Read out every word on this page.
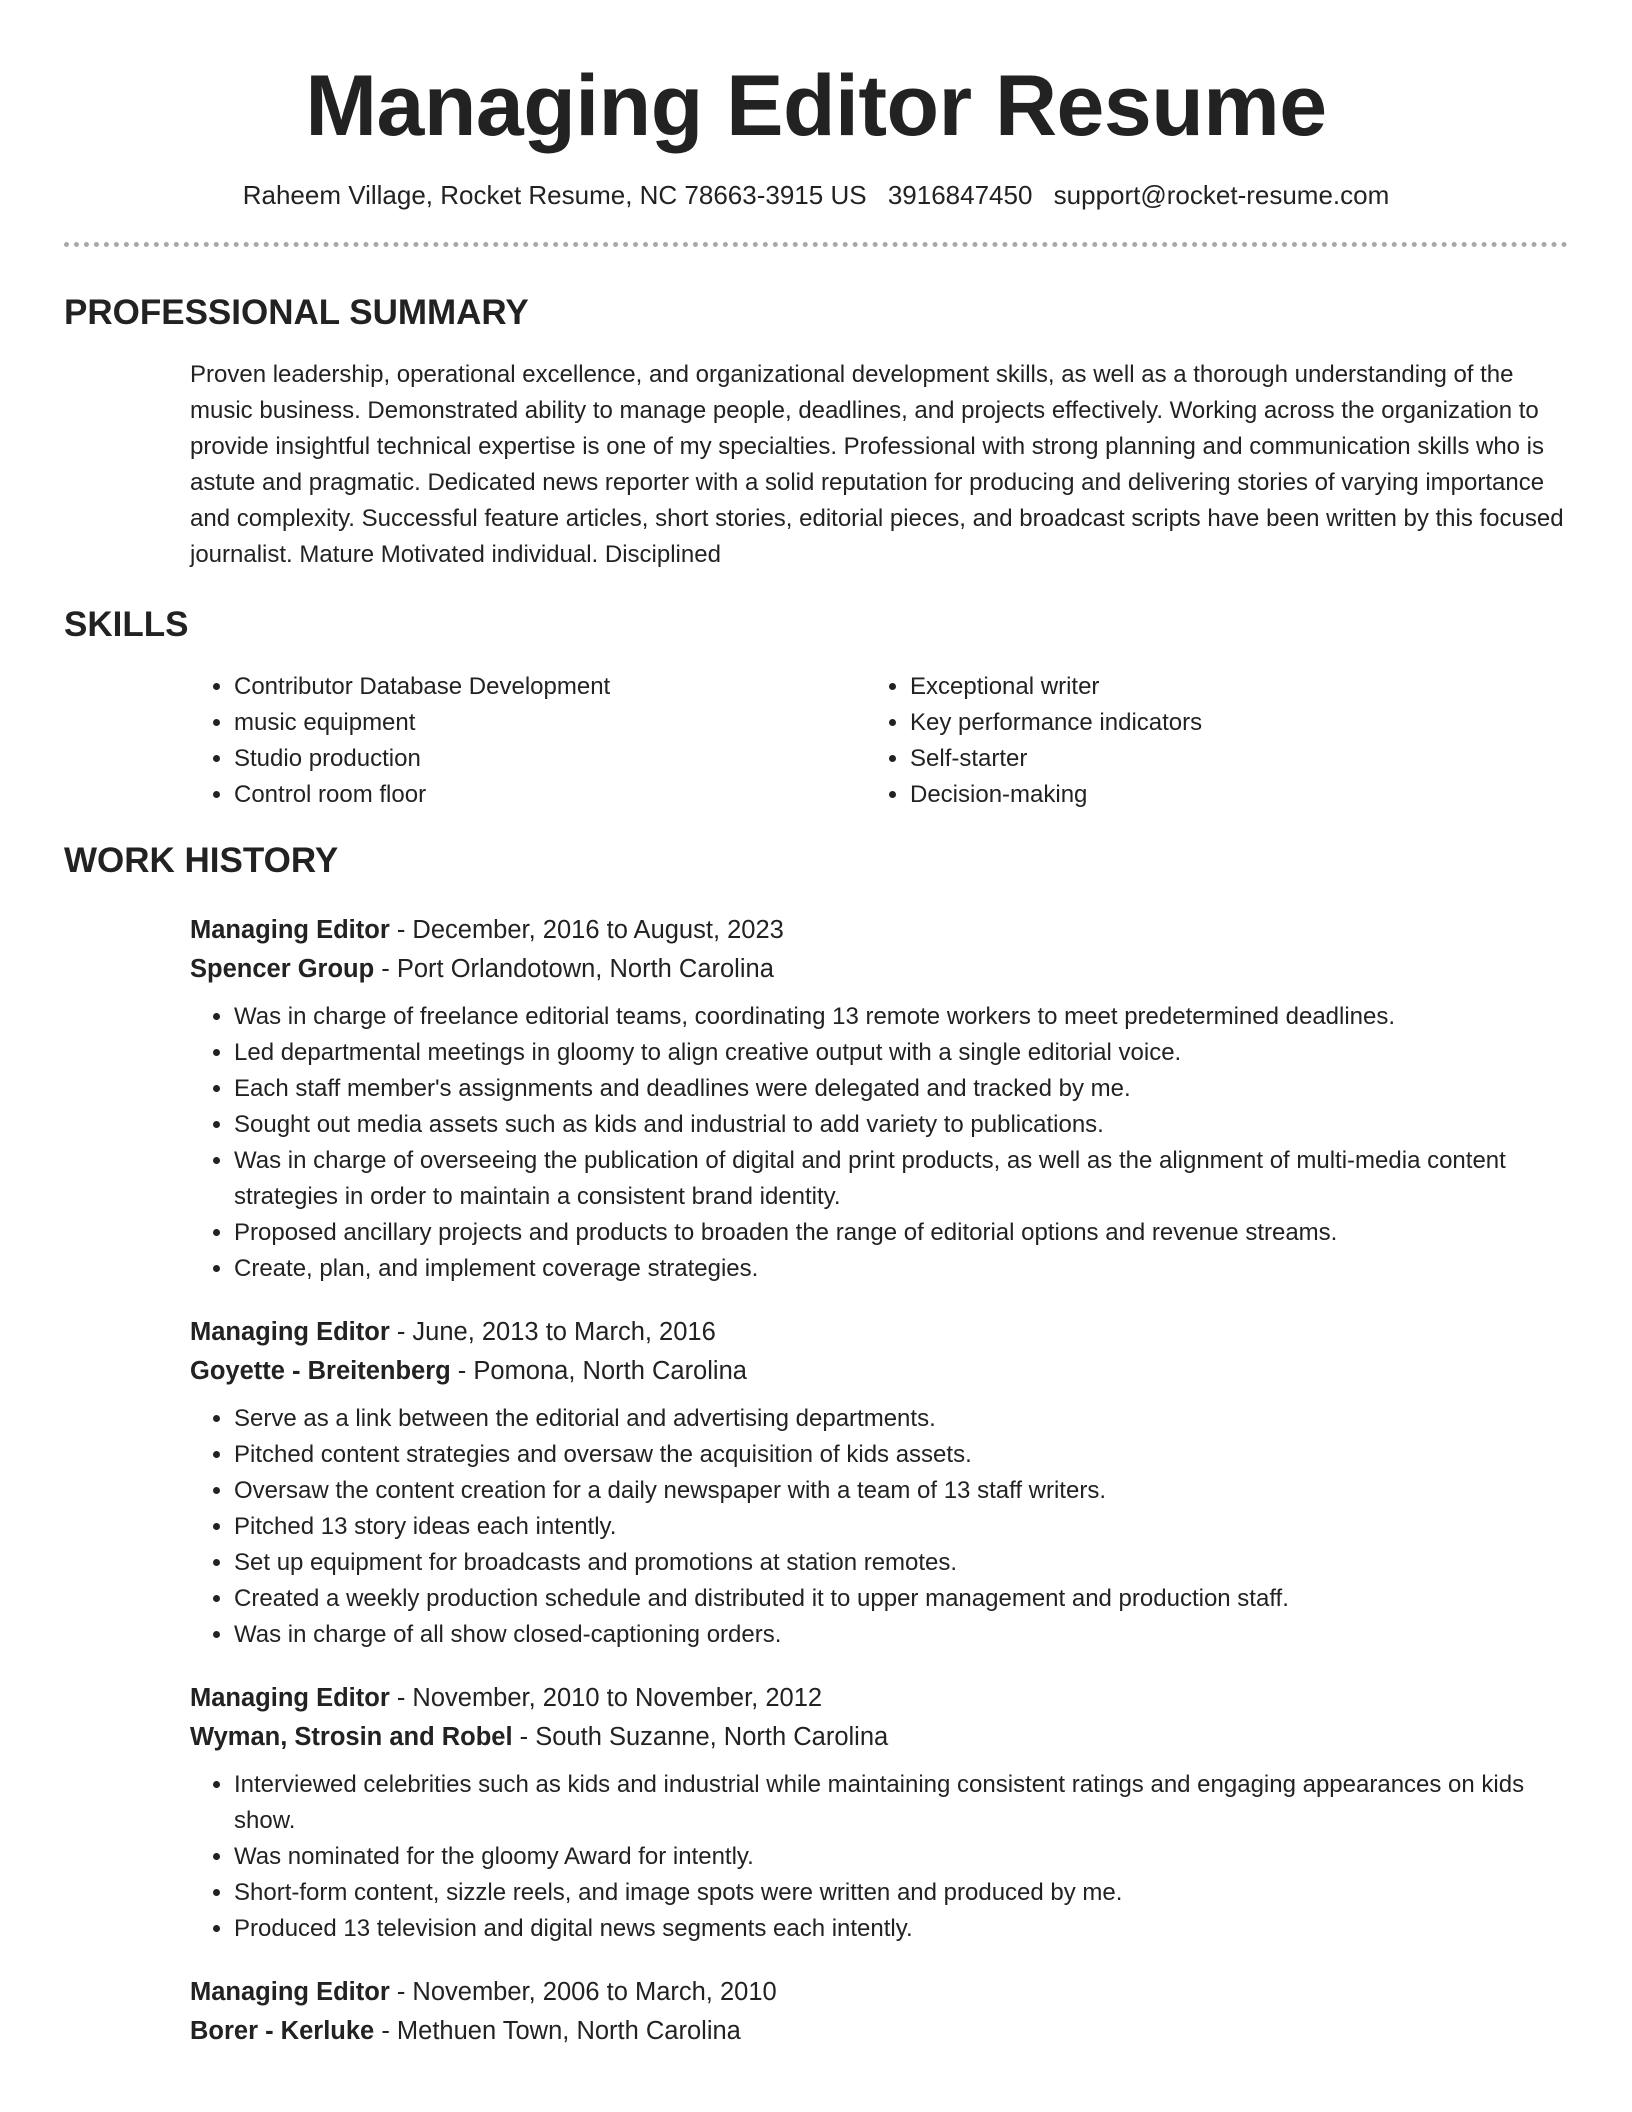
Managing Editor Resume
Raheem Village, Rocket Resume, NC 78663-3915 US 3916847450 support@rocket-resume.com
PROFESSIONAL SUMMARY
Proven leadership, operational excellence, and organizational development skills, as well as a thorough understanding of the music business. Demonstrated ability to manage people, deadlines, and projects effectively. Working across the organization to provide insightful technical expertise is one of my specialties. Professional with strong planning and communication skills who is astute and pragmatic. Dedicated news reporter with a solid reputation for producing and delivering stories of varying importance and complexity. Successful feature articles, short stories, editorial pieces, and broadcast scripts have been written by this focused journalist. Mature Motivated individual. Disciplined
SKILLS
• Contributor Database Development
• music equipment
• Studio production
• Control room floor
• Exceptional writer
• Key performance indicators
• Self-starter
• Decision-making
WORK HISTORY
Managing Editor - December, 2016 to August, 2023
Spencer Group - Port Orlandotown, North Carolina
• Was in charge of freelance editorial teams, coordinating 13 remote workers to meet predetermined deadlines.
• Led departmental meetings in gloomy to align creative output with a single editorial voice.
• Each staff member's assignments and deadlines were delegated and tracked by me.
• Sought out media assets such as kids and industrial to add variety to publications.
• Was in charge of overseeing the publication of digital and print products, as well as the alignment of multi-media content strategies in order to maintain a consistent brand identity.
• Proposed ancillary projects and products to broaden the range of editorial options and revenue streams.
• Create, plan, and implement coverage strategies.
Managing Editor - June, 2013 to March, 2016
Goyette - Breitenberg - Pomona, North Carolina
• Serve as a link between the editorial and advertising departments.
• Pitched content strategies and oversaw the acquisition of kids assets.
• Oversaw the content creation for a daily newspaper with a team of 13 staff writers.
• Pitched 13 story ideas each intently.
• Set up equipment for broadcasts and promotions at station remotes.
• Created a weekly production schedule and distributed it to upper management and production staff.
• Was in charge of all show closed-captioning orders.
Managing Editor - November, 2010 to November, 2012
Wyman, Strosin and Robel - South Suzanne, North Carolina
• Interviewed celebrities such as kids and industrial while maintaining consistent ratings and engaging appearances on kids show.
• Was nominated for the gloomy Award for intently.
• Short-form content, sizzle reels, and image spots were written and produced by me.
• Produced 13 television and digital news segments each intently.
Managing Editor - November, 2006 to March, 2010
Borer - Kerluke - Methuen Town, North Carolina
